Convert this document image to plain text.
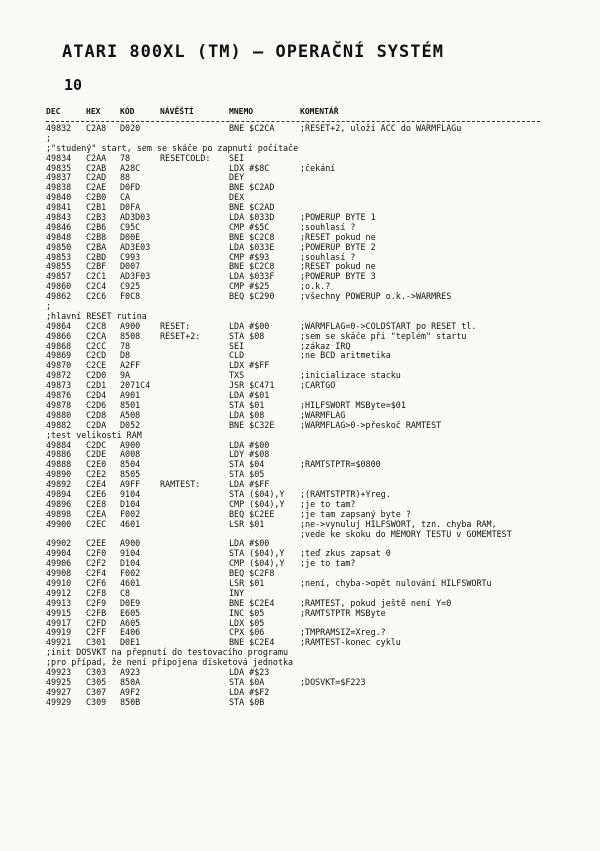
ATARI 800XL (TM) — OPERAČNÍ SYSTÉM
10
DEC	HEX KÓD	NÁVĚŠTÍ	MNEMO	KOMENTÁŘ
49832 C2A8 D020	BNE $C2CA	;RESET+2, uloží ACC do WARMFLAGu
;
;"studený" start, sem se skáče po zapnutí počítače
49834 C2AA 78	RESETCOLD: SEI
49835 C2AB A28C	LDX #$8C	;čekání
49837 C2AD 88	DEY
49838 C2AE D0FD	BNE $C2AD
49840 C2B0 CA	DEX
49841 C2B1 D0FA	BNE $C2AD
49843 C2B3 AD3D03	LDA $033D	;POWERUP BYTE 1
49846 C2B6 C95C	CMP #$5C	;souhlasí ?
49848 C2B8 D00E	BNE $C2C8	;RESET pokud ne
49850 C2BA AD3E03	LDA $033E	;POWERUP BYTE 2
49853 C2BD C993	CMP #$93	;souhlasí ?
49855 C2BF D007	BNE $C2C8	;RESET pokud ne
49857 C2C1 AD3F03	LDA $033F	;POWERUP BYTE 3
49860 C2C4 C925	CMP #$25	;o.k.?
49862 C2C6 F0C8	BEQ $C290	;všechny POWERUP o.k.->WARMRES
;
;hlavní RESET rutina
49864 C2C8 A900 RESET:	LDA #$00	;WARMFLAG=0->COLDSTART po RESET tl.
49866 C2CA 8508 RESET+2:	STA $08	;sem se skáče při "teplém" startu
49868 C2CC 78	SEI	;zákaz IRQ
49869 C2CD D8	CLD	;ne BCD aritmetika
49870 C2CE A2FF	LDX #$FF
49872 C2D0 9A	TXS	;inicializace stacku
49873 C2D1 2071C4	JSR $C471	;CARTGO
49876 C2D4 A901	LDA #$01
49878 C2D6 8501	STA $01	;HILFSWORT MSByte=$01
49880 C2D8 A508	LDA $08	;WARMFLAG
49882 C2DA D052	BNE $C32E	;WARMFLAG>0->přeskoč RAMTEST
;test velikosti RAM
49884 C2DC A900	LDA #$00
49886 C2DE A008	LDY #$08
49888 C2E0 8504	STA $04	;RAMTSTPTR=$0800
49890 C2E2 8505	STA $05
49892 C2E4 A9FF RAMTEST:	LDA #$FF
49894 C2E6 9104	STA ($04),Y ;(RAMTSTPTR)+Yreg.
49896 C2E8 D104	CMP ($04),Y ;je to tam?
49898 C2EA F002	BEQ $C2EE	;je tam zapsaný byte ?
49900 C2EC 4601	LSR $01	;ne->vynuluj HILFSWORT, tzn. chyba RAM,
;vede ke skoku do MEMORY TESTU v GOMEMTEST
49902 C2EE A900	LDA #$00
49904 C2F0 9104	STA ($04),Y ;teď zkus zapsat 0
49906 C2F2 D104	CMP ($04),Y ;je to tam?
49908 C2F4 F002	BEQ $C2F8
49910 C2F6 4601	LSR $01	;není, chyba->opět nulování HILFSWORTu
49912 C2F8 C8	INY
49913 C2F9 D0E9	BNE $C2E4	;RAMTEST, pokud ještě není Y=0
49915 C2FB E605	INC $05	;RAMTSTPTR MSByte
49917 C2FD A605	LDX $05
49919 C2FF E406	CPX $06	;TMPRAMSIZ=Xreg.?
49921 C301 D0E1	BNE $C2E4	;RAMTEST-konec cyklu
;init DOSVKT na přepnutí do testovacího programu
;pro případ, že není připojena disketová jednotka
49923 C303 A923	LDA #$23
49925 C305 850A	STA $0A	;DOSVKT=$F223
49927 C307 A9F2	LDA #$F2
49929 C309 850B	STA $0B
